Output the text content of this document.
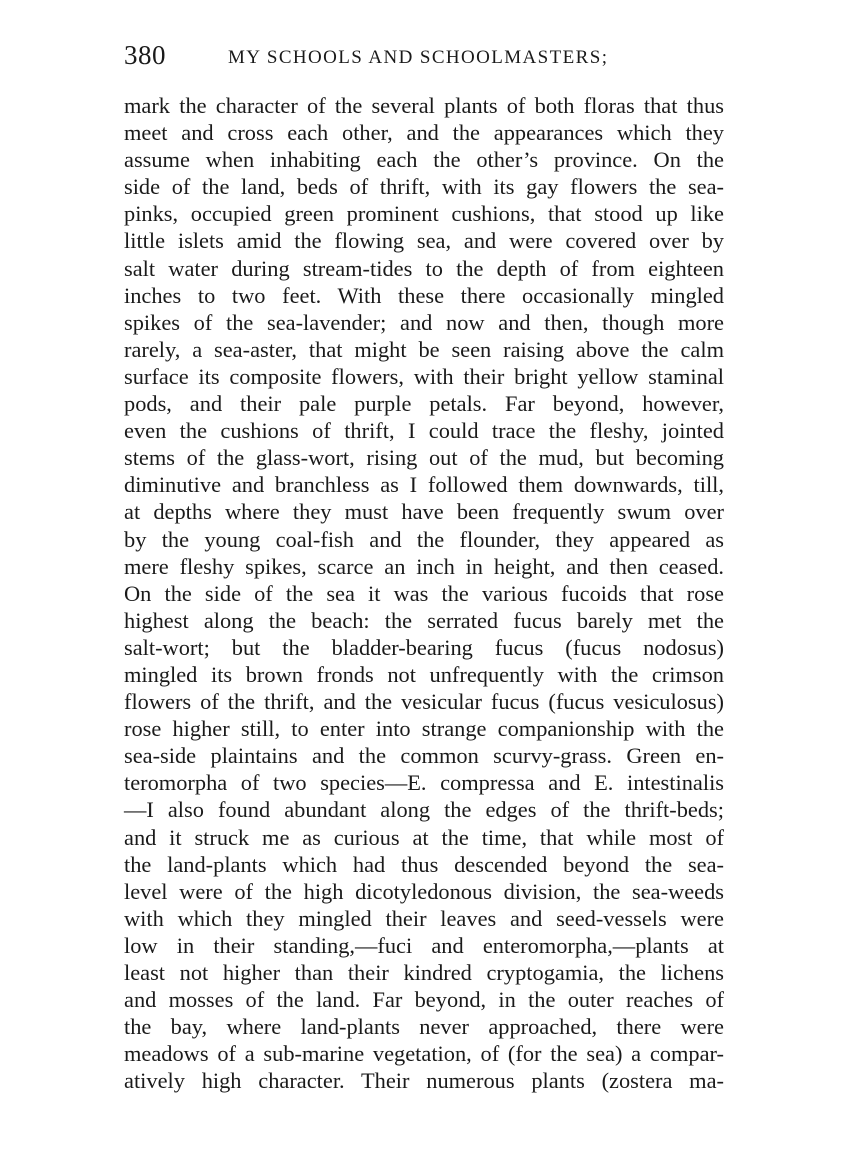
380	MY SCHOOLS AND SCHOOLMASTERS;
mark the character of the several plants of both floras that thus
meet and cross each other, and the appearances which they
assume when inhabiting each the other’s province. On the
side of the land, beds of thrift, with its gay flowers the sea-
pinks, occupied green prominent cushions, that stood up like
little islets amid the flowing sea, and were covered over by
salt water during stream-tides to the depth of from eighteen
inches to two feet. With these there occasionally mingled
spikes of the sea-lavender; and now and then, though more
rarely, a sea-aster, that might be seen raising above the calm
surface its composite flowers, with their bright yellow staminal
pods, and their pale purple petals. Far beyond, however,
even the cushions of thrift, I could trace the fleshy, jointed
stems of the glass-wort, rising out of the mud, but becoming
diminutive and branchless as I followed them downwards, till,
at depths where they must have been frequently swum over
by the young coal-fish and the flounder, they appeared as
mere fleshy spikes, scarce an inch in height, and then ceased.
On the side of the sea it was the various fucoids that rose
highest along the beach: the serrated fucus barely met the
salt-wort; but the bladder-bearing fucus (fucus nodosus)
mingled its brown fronds not unfrequently with the crimson
flowers of the thrift, and the vesicular fucus (fucus vesiculosus)
rose higher still, to enter into strange companionship with the
sea-side plaintains and the common scurvy-grass. Green en-
teromorpha of two species—E. compressa and E. intestinalis
—I also found abundant along the edges of the thrift-beds;
and it struck me as curious at the time, that while most of
the land-plants which had thus descended beyond the sea-
level were of the high dicotyledonous division, the sea-weeds
with which they mingled their leaves and seed-vessels were
low in their standing,—fuci and enteromorpha,—plants at
least not higher than their kindred cryptogamia, the lichens
and mosses of the land. Far beyond, in the outer reaches of
the bay, where land-plants never approached, there were
meadows of a sub-marine vegetation, of (for the sea) a compar-
atively high character. Their numerous plants (zostera ma-
